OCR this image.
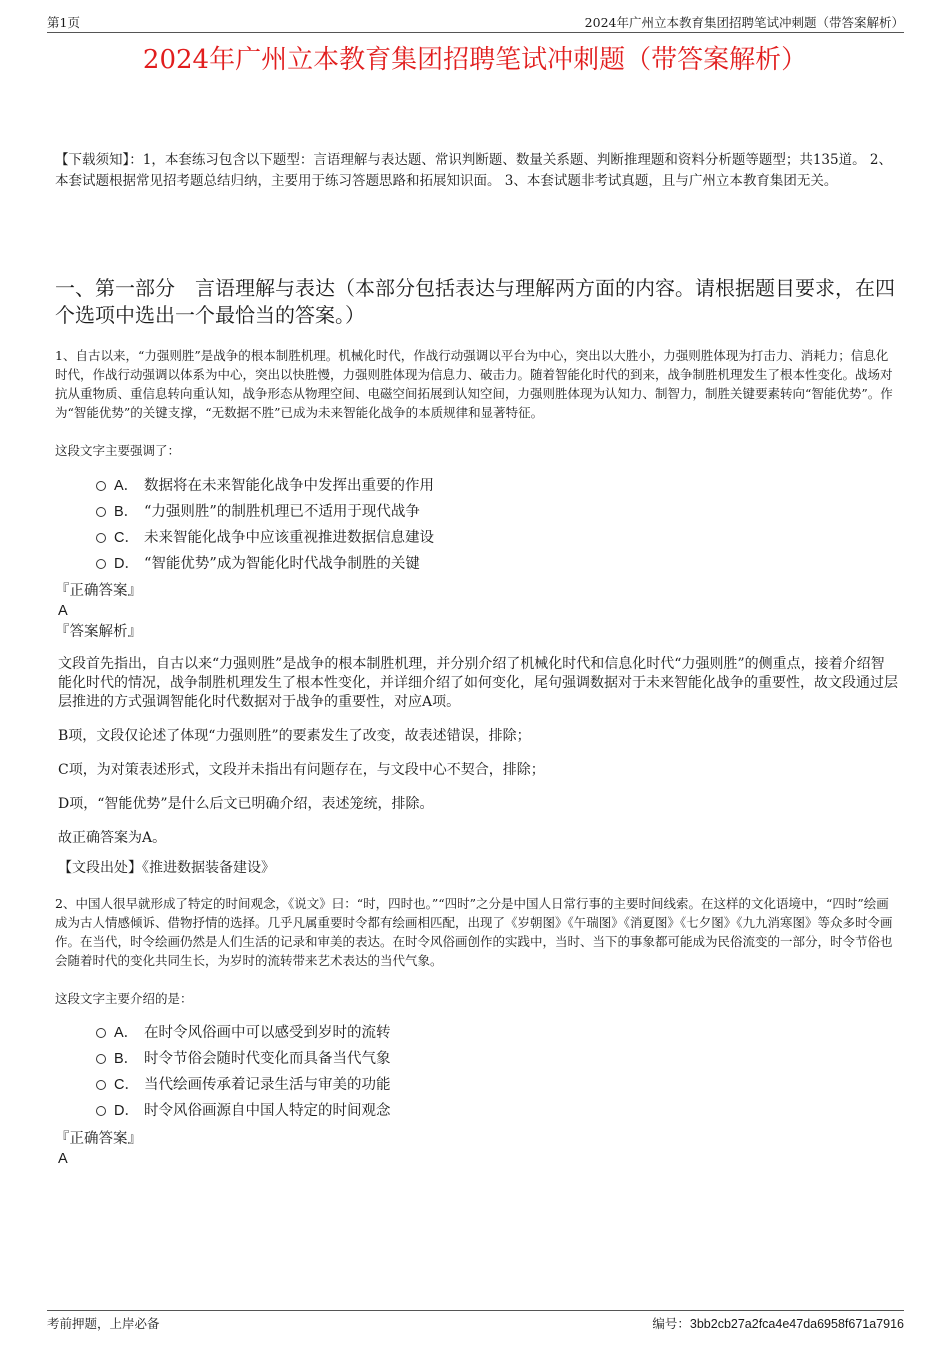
第1页	2024年广州立本教育集团招聘笔试冲刺题（带答案解析）
2024年广州立本教育集团招聘笔试冲刺题（带答案解析）

【下载须知】：1，本套练习包含以下题型：言语理解与表达题、常识判断题、数量关系题、判断推理题和资料分析题等题型；共135道。 2、本套试题根据常见招考题总结归纳，主要用于练习答题思路和拓展知识面。 3、本套试题非考试真题，且与广州立本教育集团无关。

一、第一部分　言语理解与表达（本部分包括表达与理解两方面的内容。请根据题目要求，在四个选项中选出一个最恰当的答案。）

1、自古以来，“力强则胜”是战争的根本制胜机理。机械化时代，作战行动强调以平台为中心，突出以大胜小，力强则胜体现为打击力、消耗力；信息化时代，作战行动强调以体系为中心，突出以快胜慢，力强则胜体现为信息力、破击力。随着智能化时代的到来，战争制胜机理发生了根本性变化。战场对抗从重物质、重信息转向重认知，战争形态从物理空间、电磁空间拓展到认知空间，力强则胜体现为认知力、制智力，制胜关键要素转向“智能优势”。作为“智能优势”的关键支撑，“无数据不胜”已成为未来智能化战争的本质规律和显著特征。

这段文字主要强调了：

A． 数据将在未来智能化战争中发挥出重要的作用
B． “力强则胜”的制胜机理已不适用于现代战争
C． 未来智能化战争中应该重视推进数据信息建设
D． “智能优势”成为智能化时代战争制胜的关键

『正确答案』

A

『答案解析』

文段首先指出，自古以来“力强则胜”是战争的根本制胜机理，并分别介绍了机械化时代和信息化时代“力强则胜”的侧重点，接着介绍智能化时代的情况，战争制胜机理发生了根本性变化，并详细介绍了如何变化，尾句强调数据对于未来智能化战争的重要性，故文段通过层层推进的方式强调智能化时代数据对于战争的重要性，对应A项。

B项，文段仅论述了体现“力强则胜”的要素发生了改变，故表述错误，排除；

C项，为对策表述形式，文段并未指出有问题存在，与文段中心不契合，排除；

D项，“智能优势”是什么后文已明确介绍，表述笼统，排除。

故正确答案为A。

【文段出处】《推进数据装备建设》

2、中国人很早就形成了特定的时间观念，《说文》曰：“时，四时也。”“四时”之分是中国人日常行事的主要时间线索。在这样的文化语境中，“四时”绘画成为古人情感倾诉、借物抒情的选择。几乎凡属重要时令都有绘画相匹配，出现了《岁朝图》《午瑞图》《消夏图》《七夕图》《九九消寒图》等众多时令画作。在当代，时令绘画仍然是人们生活的记录和审美的表达。在时令风俗画创作的实践中，当时、当下的事象都可能成为民俗流变的一部分，时令节俗也会随着时代的变化共同生长，为岁时的流转带来艺术表达的当代气象。

这段文字主要介绍的是：

A． 在时令风俗画中可以感受到岁时的流转
B． 时令节俗会随时代变化而具备当代气象
C． 当代绘画传承着记录生活与审美的功能
D． 时令风俗画源自中国人特定的时间观念

『正确答案』

A

考前押题，上岸必备	编号：3bb2cb27a2fca4e47da6958f671a7916
